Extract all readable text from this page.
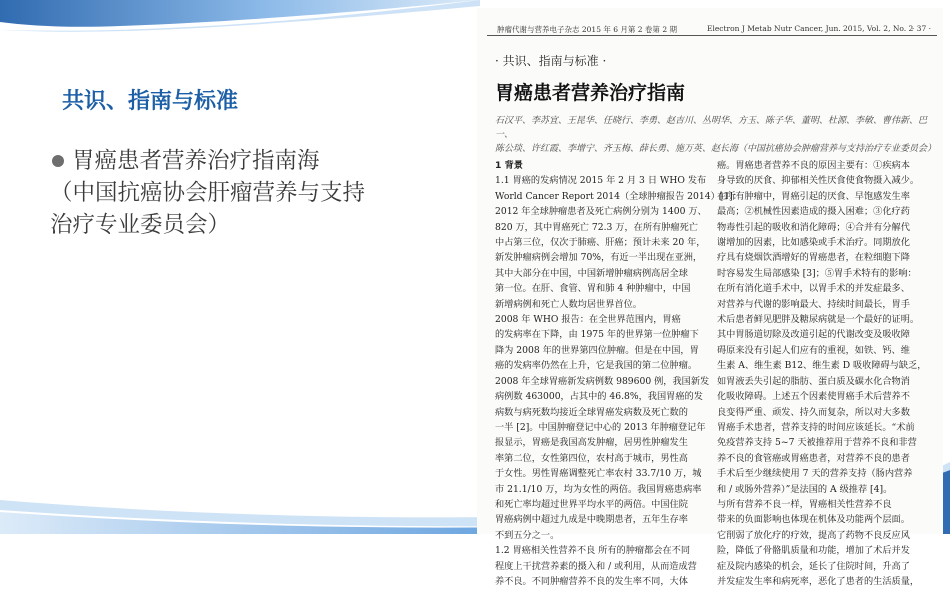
共识、指南与标准
胃癌患者营养治疗指南海
（中国抗癌协会肝瘤营养与支持
治疗专业委员会）
肿瘤代谢与营养电子杂志 2015 年 6 月第 2 卷第 2 期	Electron J Metab Nutr Cancer, Jun. 2015, Vol. 2, No. 2
· 37 ·
· 共识、指南与标准 ·
胃癌患者营养治疗指南
石汉平、李苏宜、王昆华、任晓行、李勇、赵吉川、丛明华、方玉、陈子华、董明、杜源、李敏、曹伟新、巴一、
陈公琰、许红霞、李增宁、齐玉梅、薛长勇、施万英、赵长海（中国抗癌协会肿瘤营养与支持治疗专业委员会）

1 背景

1.1 胃癌的发病情况 2015 年 2 月 3 日 WHO 发布

World Cancer Report 2014（全球肿瘤报告 2014）[1]：

2012 年全球肿瘤患者及死亡病例分别为 1400 万、

820 万，其中胃癌死亡 72.3 万，在所有肿瘤死亡

中占第三位，仅次于肺癌、肝癌；预计未来 20 年，

新发肿瘤病例会增加 70%，有近一半出现在亚洲，

其中大部分在中国，中国新增肿瘤病例高居全球

第一位。在肝、食管、胃和肺 4 种肿瘤中，中国

新增病例和死亡人数均居世界首位。

2008 年 WHO 报告：在全世界范围内，胃癌

的发病率在下降，由 1975 年的世界第一位肿瘤下

降为 2008 年的世界第四位肿瘤。但是在中国，胃

癌的发病率仍然在上升，它是我国的第二位肿瘤。

2008 年全球胃癌新发病例数 989600 例，我国新发

病例数 463000，占其中的 46.8%，我国胃癌的发

病数与病死数均接近全球胃癌发病数及死亡数的

一半 [2]。中国肿瘤登记中心的 2013 年肿瘤登记年

报显示，胃癌是我国高发肿瘤，居男性肿瘤发生

率第二位，女性第四位，农村高于城市，男性高

于女性。男性胃癌调整死亡率农村 33.7/10 万，城

市 21.1/10 万，均为女性的两倍。我国胃癌患病率

和死亡率均超过世界平均水平的两倍。中国住院

胃癌病例中超过九成是中晚期患者，五年生存率

不到五分之一。

1.2 胃癌相关性营养不良 所有的肿瘤都会在不同

程度上干扰营养素的摄入和 / 或利用，从而造成营

养不良。不同肿瘤营养不良的发生率不同，大体

癌。胃癌患者营养不良的原因主要有：①疾病本

身导致的厌食、抑郁相关性厌食使食物摄入减少。

在所有肿瘤中，胃癌引起的厌食、早饱感发生率

最高；②机械性因素造成的摄入困难；③化疗药

物毒性引起的吸收和消化障碍；④合并有分解代

谢增加的因素，比如感染或手术治疗。同期放化

疗具有烧烟饮酒增好的胃癌患者，在粒细胞下降

时容易发生局部感染 [3]；⑤胃手术特有的影响：

在所有消化道手术中，以胃手术的并发症最多、

对营养与代谢的影响最大、持续时间最长，胃手

术后患者鲜见肥胖及糖尿病就是一个最好的证明。

其中胃肠道切除及改道引起的代谢改变及吸收障

碍原来没有引起人们应有的重视，如铁、钙、维

生素 A、维生素 B12、维生素 D 吸收障碍与缺乏，

如胃液丢失引起的脂肪、蛋白质及碳水化合物消

化吸收障碍。上述五个因素使胃癌手术后营养不

良变得严重、顽发、持久而复杂，所以对大多数

胃癌手术患者，营养支持的时间应该延长。“术前

免疫营养支持 5~7 天被推荐用于营养不良和非营

养不良的食管癌或胃癌患者，对营养不良的患者

手术后至少继续使用 7 天的营养支持（肠内营养

和 / 或肠外营养）”是法国的 A 级推荐 [4]。

与所有营养不良一样，胃癌相关性营养不良

带来的负面影响也体现在机体及功能两个层面。

它削弱了放化疗的疗效，提高了药物不良反应风

险，降低了骨骼肌质量和功能，增加了术后并发

症及院内感染的机会，延长了住院时间，升高了

并发症发生率和病死率，恶化了患者的生活质量，
